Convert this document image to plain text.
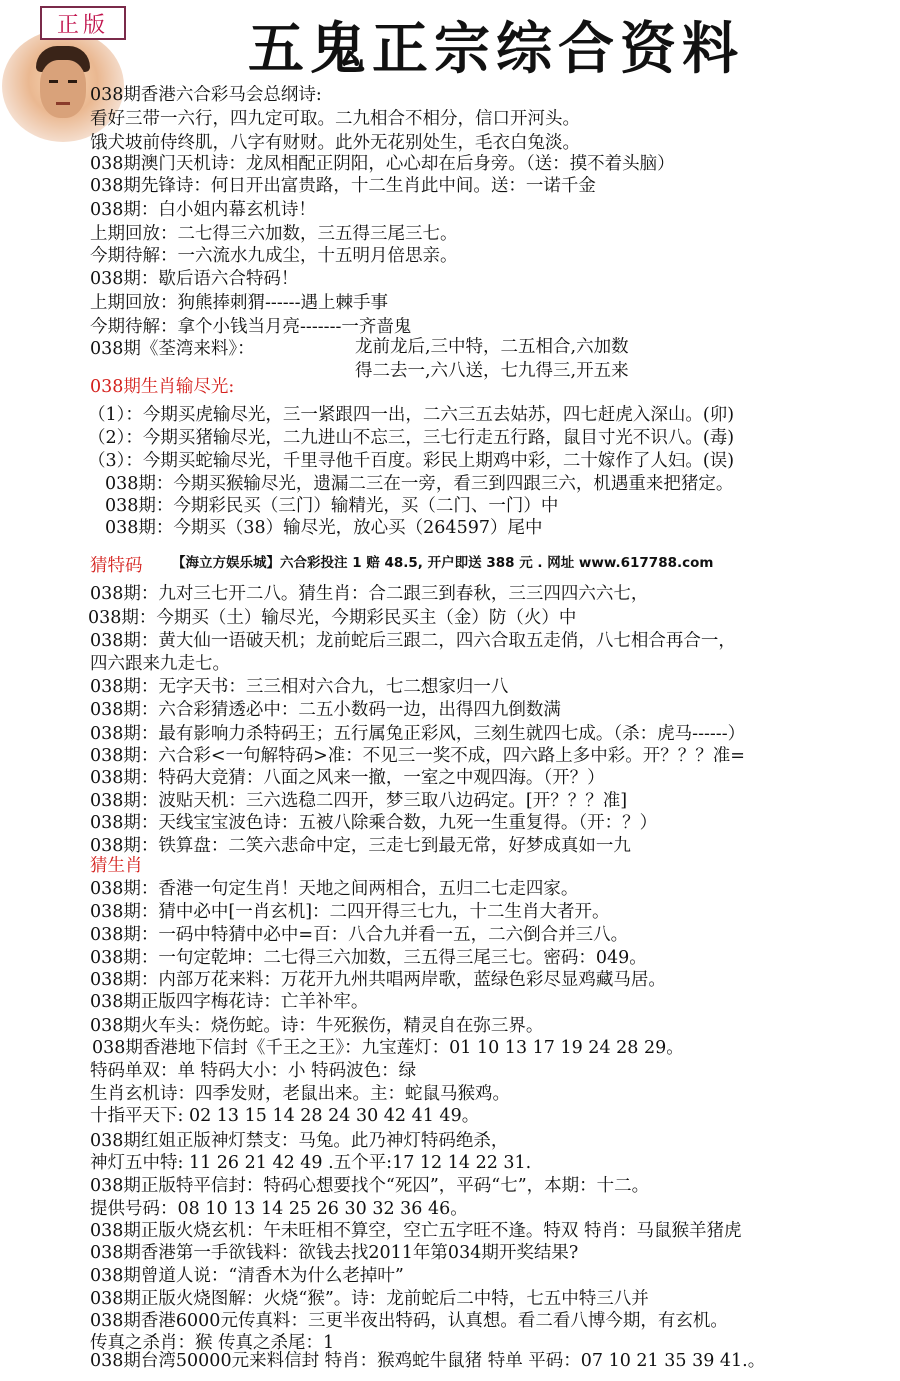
正版	五鬼正宗综合资料
038期香港六合彩马会总纲诗:
看好三带一六行，四九定可取。二九相合不相分，信口开河头。
饿犬坡前侍终肌，八字有财财。此外无花别处生，毛衣白兔淡。
038期澳门天机诗：龙凤相配正阴阳，心心却在后身旁。（送：摸不着头脑）
038期先锋诗：何日开出富贵路，十二生肖此中间。送：一诺千金
038期：白小姐内幕玄机诗！
上期回放：二七得三六加数，三五得三尾三七。
今期待解：一六流水九成尘，十五明月倍思亲。
038期：歇后语六合特码！
上期回放：狗熊捧刺猬------遇上棘手事
今期待解：拿个小钱当月亮-------一齐啬鬼
038期《荃湾来料》：	龙前龙后,三中特，二五相合,六加数
得二去一,六八送，七九得三,开五来
038期生肖输尽光:
（1）：今期买虎输尽光，三一紧跟四一出，二六三五去姑苏，四七赶虎入深山。(卯)
（2）：今期买猪输尽光，二九进山不忘三，三七行走五行路，鼠目寸光不识八。(毒)
（3）：今期买蛇输尽光，千里寻他千百度。彩民上期鸡中彩，二十嫁作了人妇。(误)
038期：今期买猴输尽光，遗漏二三在一旁，看三到四跟三六，机遇重来把猪定。
038期：今期彩民买（三门）输精光，买（二门、一门）中
038期：今期买（38）输尽光，放心买（264597）尾中
猜特码 【海立方娱乐城】六合彩投注 1 赔 48.5, 开户即送 388 元 . 网址 www.617788.com
038期：九对三七开二八。猜生肖：合二跟三到春秋，三三四四六六七，
038期：今期买（土）输尽光，今期彩民买主（金）防（火）中
038期：黄大仙一语破天机；龙前蛇后三跟二，四六合取五走俏，八七相合再合一，
四六跟来九走七。
038期：无字天书：三三相对六合九，七二想家归一八
038期：六合彩猜透必中：二五小数码一边，出得四九倒数满
038期：最有影响力杀特码王；五行属兔正彩风，三刻生就四七成。（杀：虎马------）
038期：六合彩<一句解特码>准：不见三一奖不成，四六路上多中彩。开？？？准=
038期：特码大竞猜：八面之风来一撤，一室之中观四海。（开？）
038期：波贴天机：三六选稳二四开，梦三取八边码定。[开？？？准]
038期：天线宝宝波色诗：五被八除乘合数，九死一生重复得。（开：？）
038期：铁算盘：二笑六悲命中定，三走七到最无常，好梦成真如一九
猜生肖
038期：香港一句定生肖！天地之间两相合，五归二七走四家。
038期：猜中必中[一肖玄机]：二四开得三七九，十二生肖大者开。
038期：一码中特猜中必中=百：八合九并看一五，二六倒合并三八。
038期：一句定乾坤：二七得三六加数，三五得三尾三七。密码：049。
038期：内部万花来料：万花开九州共唱两岸歌，蓝绿色彩尽显鸡藏马居。
038期正版四字梅花诗：亡羊补牢。
038期火车头：烧伤蛇。诗：牛死猴伤，精灵自在弥三界。
038期香港地下信封《千王之王》：九宝莲灯：01 10 13 17 19 24 28 29。
特码单双：单 特码大小：小 特码波色：绿
生肖玄机诗：四季发财，老鼠出来。主：蛇鼠马猴鸡。
十指平天下: 02 13 15 14 28 24 30 42 41 49。
038期红姐正版神灯禁支：马兔。此乃神灯特码绝杀，
神灯五中特: 11 26 21 42 49 .五个平:17 12 14 22 31.
038期正版特平信封：特码心想要找个“死囚”，平码“七”，本期：十二。
提供号码：08 10 13 14 25 26 30 32 36 46。
038期正版火烧玄机：午未旺相不算空，空亡五字旺不逢。特双 特肖：马鼠猴羊猪虎
038期香港第一手欲钱料：欲钱去找2011年第034期开奖结果?
038期曾道人说：“清香木为什么老掉叶”
038期正版火烧图解：火烧“猴”。诗：龙前蛇后二中特，七五中特三八并
038期香港6000元传真料：三更半夜出特码，认真想。看二看八博今期，有玄机。
传真之杀肖：猴 传真之杀尾：1
038期台湾50000元来料信封 特肖：猴鸡蛇牛鼠猪 特单 平码：07 10 21 35 39 41.。
